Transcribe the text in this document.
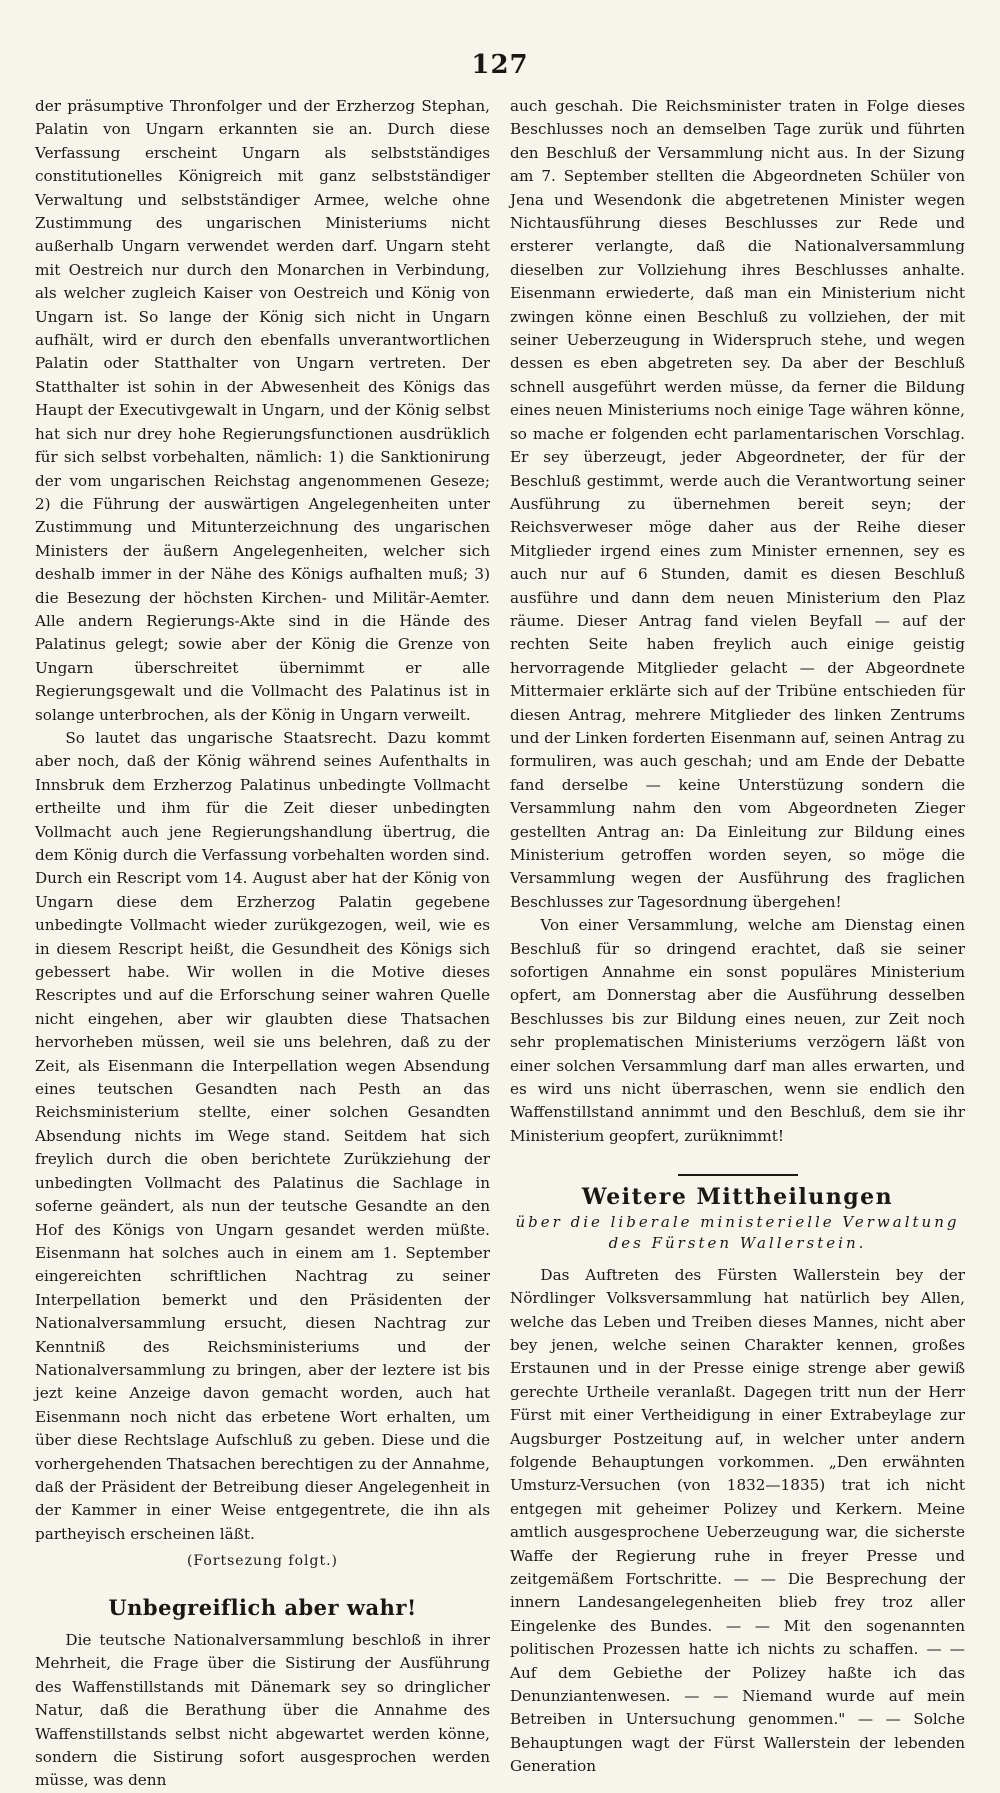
127

der präsumptive Thronfolger und der Erzherzog Stephan, Palatin von Ungarn erkannten sie an. Durch diese Verfassung erscheint Ungarn als selbstständiges constitutionelles Königreich mit ganz selbstständiger Verwaltung und selbstständiger Armee, welche ohne Zustimmung des ungarischen Ministeriums nicht außerhalb Ungarn verwendet werden darf. Ungarn steht mit Oestreich nur durch den Monarchen in Verbindung, als welcher zugleich Kaiser von Oestreich und König von Ungarn ist. So lange der König sich nicht in Ungarn aufhält, wird er durch den ebenfalls unverantwortlichen Palatin oder Statthalter von Ungarn vertreten. Der Statthalter ist sohin in der Abwesenheit des Königs das Haupt der Executivgewalt in Ungarn, und der König selbst hat sich nur drey hohe Regierungsfunctionen ausdrüklich für sich selbst vorbehalten, nämlich: 1) die Sanktionirung der vom ungarischen Reichstag angenommenen Geseze; 2) die Führung der auswärtigen Angelegenheiten unter Zustimmung und Mitunterzeichnung des ungarischen Ministers der äußern Angelegenheiten, welcher sich deshalb immer in der Nähe des Königs aufhalten muß; 3) die Besezung der höchsten Kirchen- und Militär-Aemter. Alle andern Regierungs-Akte sind in die Hände des Palatinus gelegt; sowie aber der König die Grenze von Ungarn überschreitet übernimmt er alle Regierungsgewalt und die Vollmacht des Palatinus ist in solange unterbrochen, als der König in Ungarn verweilt.

So lautet das ungarische Staatsrecht. Dazu kommt aber noch, daß der König während seines Aufenthalts in Innsbruk dem Erzherzog Palatinus unbedingte Vollmacht ertheilte und ihm für die Zeit dieser unbedingten Vollmacht auch jene Regierungshandlung übertrug, die dem König durch die Verfassung vorbehalten worden sind. Durch ein Rescript vom 14. August aber hat der König von Ungarn diese dem Erzherzog Palatin gegebene unbedingte Vollmacht wieder zurükgezogen, weil, wie es in diesem Rescript heißt, die Gesundheit des Königs sich gebessert habe. Wir wollen in die Motive dieses Rescriptes und auf die Erforschung seiner wahren Quelle nicht eingehen, aber wir glaubten diese Thatsachen hervorheben müssen, weil sie uns belehren, daß zu der Zeit, als Eisenmann die Interpellation wegen Absendung eines teutschen Gesandten nach Pesth an das Reichsministerium stellte, einer solchen Gesandten Absendung nichts im Wege stand. Seitdem hat sich freylich durch die oben berichtete Zurükziehung der unbedingten Vollmacht des Palatinus die Sachlage in soferne geändert, als nun der teutsche Gesandte an den Hof des Königs von Ungarn gesandet werden müßte. Eisenmann hat solches auch in einem am 1. September eingereichten schriftlichen Nachtrag zu seiner Interpellation bemerkt und den Präsidenten der Nationalversammlung ersucht, diesen Nachtrag zur Kenntniß des Reichsministeriums und der Nationalversammlung zu bringen, aber der leztere ist bis jezt keine Anzeige davon gemacht worden, auch hat Eisenmann noch nicht das erbetene Wort erhalten, um über diese Rechtslage Aufschluß zu geben. Diese und die vorhergehenden Thatsachen berechtigen zu der Annahme, daß der Präsident der Betreibung dieser Angelegenheit in der Kammer in einer Weise entgegentrete, die ihn als partheyisch erscheinen läßt.

(Fortsezung folgt.)

Unbegreiflich aber wahr!

Die teutsche Nationalversammlung beschloß in ihrer Mehrheit, die Frage über die Sistirung der Ausführung des Waffenstillstands mit Dänemark sey so dringlicher Natur, daß die Berathung über die Annahme des Waffenstillstands selbst nicht abgewartet werden könne, sondern die Sistirung sofort ausgesprochen werden müsse, was denn

auch geschah. Die Reichsminister traten in Folge dieses Beschlusses noch an demselben Tage zurük und führten den Beschluß der Versammlung nicht aus. In der Sizung am 7. September stellten die Abgeordneten Schüler von Jena und Wesendonk die abgetretenen Minister wegen Nichtausführung dieses Beschlusses zur Rede und ersterer verlangte, daß die Nationalversammlung dieselben zur Vollziehung ihres Beschlusses anhalte. Eisenmann erwiederte, daß man ein Ministerium nicht zwingen könne einen Beschluß zu vollziehen, der mit seiner Ueberzeugung in Widerspruch stehe, und wegen dessen es eben abgetreten sey. Da aber der Beschluß schnell ausgeführt werden müsse, da ferner die Bildung eines neuen Ministeriums noch einige Tage währen könne, so mache er folgenden echt parlamentarischen Vorschlag. Er sey überzeugt, jeder Abgeordneter, der für der Beschluß gestimmt, werde auch die Verantwortung seiner Ausführung zu übernehmen bereit seyn; der Reichsverweser möge daher aus der Reihe dieser Mitglieder irgend eines zum Minister ernennen, sey es auch nur auf 6 Stunden, damit es diesen Beschluß ausführe und dann dem neuen Ministerium den Plaz räume. Dieser Antrag fand vielen Beyfall — auf der rechten Seite haben freylich auch einige geistig hervorragende Mitglieder gelacht — der Abgeordnete Mittermaier erklärte sich auf der Tribüne entschieden für diesen Antrag, mehrere Mitglieder des linken Zentrums und der Linken forderten Eisenmann auf, seinen Antrag zu formuliren, was auch geschah; und am Ende der Debatte fand derselbe — keine Unterstüzung sondern die Versammlung nahm den vom Abgeordneten Zieger gestellten Antrag an: Da Einleitung zur Bildung eines Ministerium getroffen worden seyen, so möge die Versammlung wegen der Ausführung des fraglichen Beschlusses zur Tagesordnung übergehen!

Von einer Versammlung, welche am Dienstag einen Beschluß für so dringend erachtet, daß sie seiner sofortigen Annahme ein sonst populäres Ministerium opfert, am Donnerstag aber die Ausführung desselben Beschlusses bis zur Bildung eines neuen, zur Zeit noch sehr proplematischen Ministeriums verzögern läßt von einer solchen Versammlung darf man alles erwarten, und es wird uns nicht überraschen, wenn sie endlich den Waffenstillstand annimmt und den Beschluß, dem sie ihr Ministerium geopfert, zurüknimmt!

Weitere Mittheilungen
über die liberale ministerielle Verwaltung des Fürsten Wallerstein.

Das Auftreten des Fürsten Wallerstein bey der Nördlinger Volksversammlung hat natürlich bey Allen, welche das Leben und Treiben dieses Mannes, nicht aber bey jenen, welche seinen Charakter kennen, großes Erstaunen und in der Presse einige strenge aber gewiß gerechte Urtheile veranlaßt. Dagegen tritt nun der Herr Fürst mit einer Vertheidigung in einer Extrabeylage zur Augsburger Postzeitung auf, in welcher unter andern folgende Behauptungen vorkommen. „Den erwähnten Umsturz-Versuchen (von 1832—1835) trat ich nicht entgegen mit geheimer Polizey und Kerkern. Meine amtlich ausgesprochene Ueberzeugung war, die sicherste Waffe der Regierung ruhe in freyer Presse und zeitgemäßem Fortschritte. — — Die Besprechung der innern Landesangelegenheiten blieb frey troz aller Eingelenke des Bundes. — — Mit den sogenannten politischen Prozessen hatte ich nichts zu schaffen. — — Auf dem Gebiethe der Polizey haßte ich das Denunziantenwesen. — — Niemand wurde auf mein Betreiben in Untersuchung genommen." — — Solche Behauptungen wagt der Fürst Wallerstein der lebenden Generation
